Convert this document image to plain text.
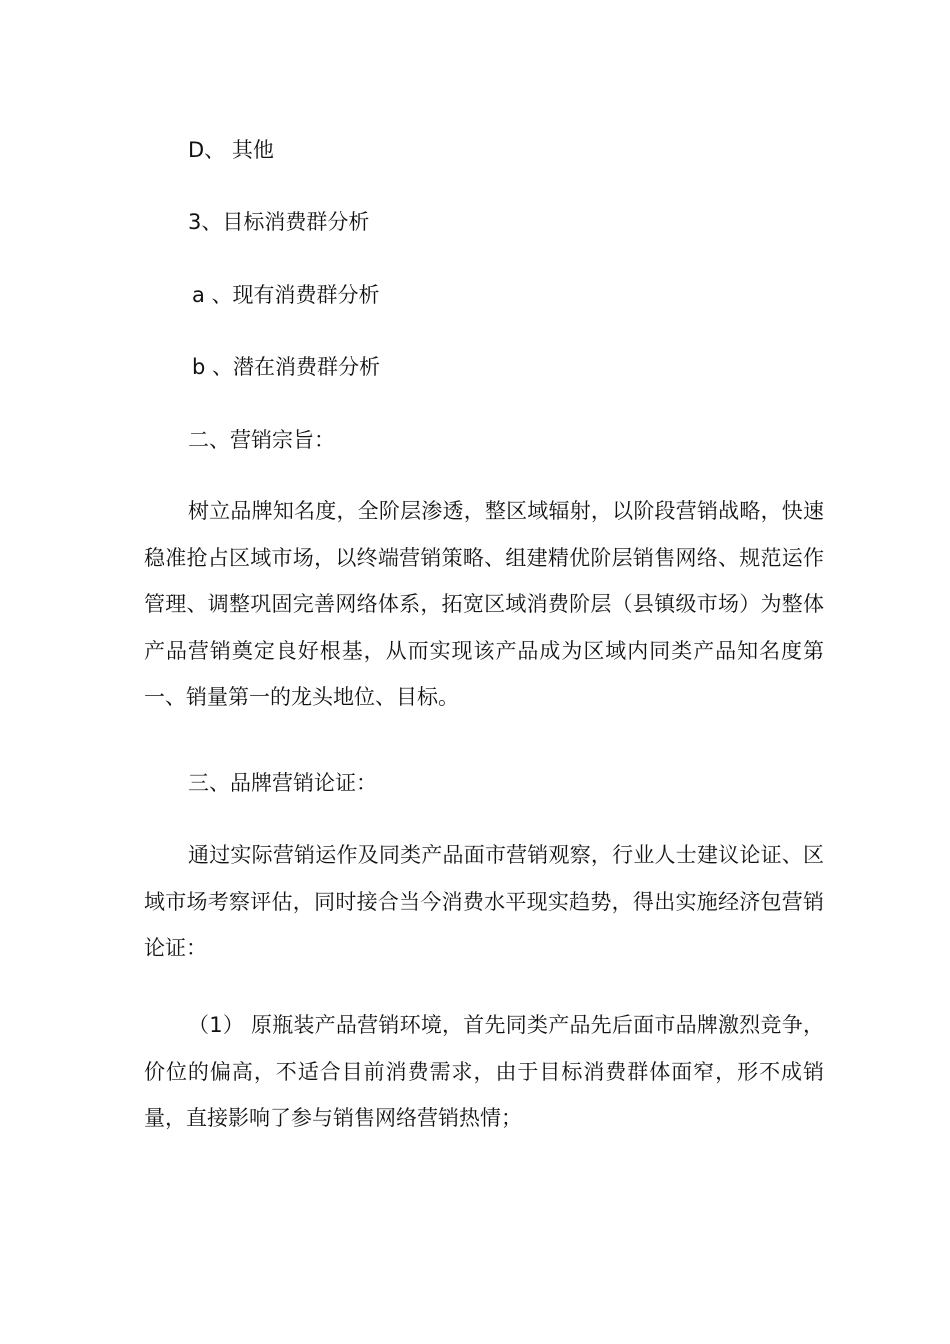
D、 其他

3、目标消费群分析

a 、现有消费群分析

b 、潜在消费群分析

二、营销宗旨：

树立品牌知名度，全阶层渗透，整区域辐射，以阶段营销战略，快速稳准抢占区域市场，以终端营销策略、组建精优阶层销售网络、规范运作管理、调整巩固完善网络体系，拓宽区域消费阶层（县镇级市场）为整体产品营销奠定良好根基，从而实现该产品成为区域内同类产品知名度第一、销量第一的龙头地位、目标。

三、品牌营销论证：

通过实际营销运作及同类产品面市营销观察，行业人士建议论证、区域市场考察评估，同时接合当今消费水平现实趋势，得出实施经济包营销论证：

（1） 原瓶装产品营销环境，首先同类产品先后面市品牌激烈竞争，价位的偏高，不适合目前消费需求，由于目标消费群体面窄，形不成销量，直接影响了参与销售网络营销热情；
